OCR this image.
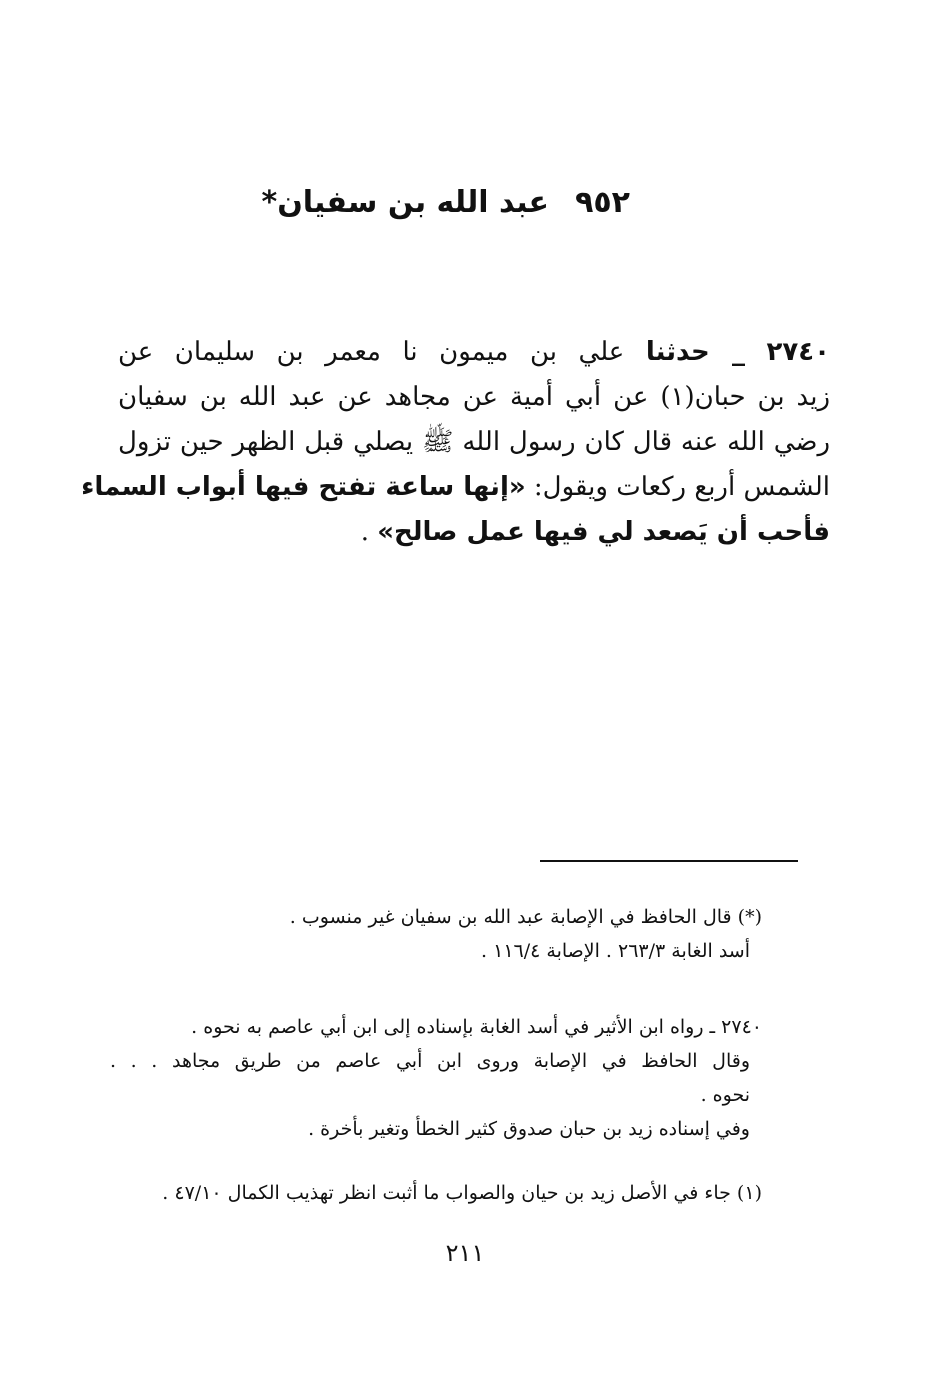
٩٥٢عبد الله بن سفيان*
٢٧٤٠ _ حدثنا علي بن ميمون نا معمر بن سليمان عن
زيد بن حبان(١) عن أبي أمية عن مجاهد عن عبد الله بن سفيان
رضي الله عنه قال كان رسول الله ﷺ يصلي قبل الظهر حين تزول
الشمس أربع ركعات ويقول: «إنها ساعة تفتح فيها أبواب السماء
فأحب أن يَصعد لي فيها عمل صالح» .
(*) قال الحافظ في الإصابة عبد الله بن سفيان غير منسوب .
أسد الغابة ٢٦٣/٣ . الإصابة ١١٦/٤ .
٢٧٤٠ ـ رواه ابن الأثير في أسد الغابة بإسناده إلى ابن أبي عاصم به نحوه .
وقال الحافظ في الإصابة وروى ابن أبي عاصم من طريق مجاهد . . .
نحوه .
وفي إسناده زيد بن حبان صدوق كثير الخطأ وتغير بأخرة .
(١) جاء في الأصل زيد بن حيان والصواب ما أثبت انظر تهذيب الكمال ٤٧/١٠ .
٢١١
